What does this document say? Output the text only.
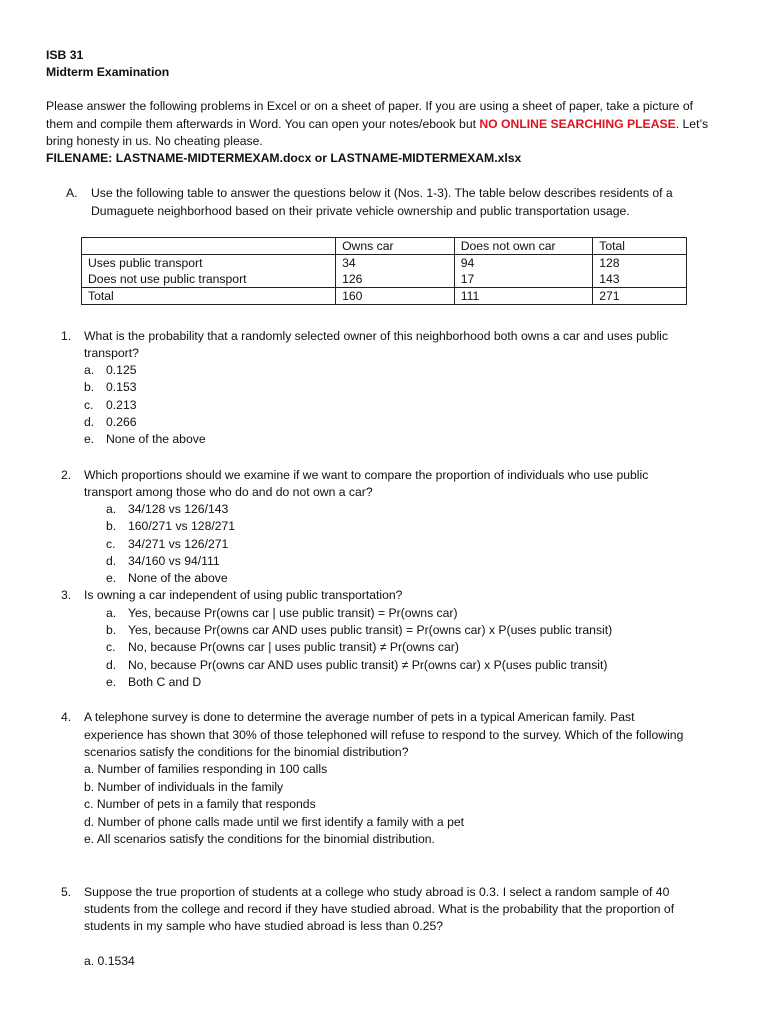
ISB 31
Midterm Examination
Please answer the following problems in Excel or on a sheet of paper. If you are using a sheet of paper, take a picture of
them and compile them afterwards in Word. You can open your notes/ebook but NO ONLINE SEARCHING PLEASE. Let’s
bring honesty in us. No cheating please.
FILENAME: LASTNAME-MIDTERMEXAM.docx or LASTNAME-MIDTERMEXAM.xlsx
A. Use the following table to answer the questions below it (Nos. 1-3). The table below describes residents of a
Dumaguete neighborhood based on their private vehicle ownership and public transportation usage.
	Owns car	Does not own car	Total
Uses public transport	34	94	128
Does not use public transport	126	17	143
Total	160	111	271
1. What is the probability that a randomly selected owner of this neighborhood both owns a car and uses public
transport?
a. 0.125
b. 0.153
c. 0.213
d. 0.266
e. None of the above
2. Which proportions should we examine if we want to compare the proportion of individuals who use public
transport among those who do and do not own a car?
a. 34/128 vs 126/143
b. 160/271 vs 128/271
c. 34/271 vs 126/271
d. 34/160 vs 94/111
e. None of the above
3. Is owning a car independent of using public transportation?
a. Yes, because Pr(owns car | use public transit) = Pr(owns car)
b. Yes, because Pr(owns car AND uses public transit) = Pr(owns car) x P(uses public transit)
c. No, because Pr(owns car | uses public transit) ≠ Pr(owns car)
d. No, because Pr(owns car AND uses public transit) ≠ Pr(owns car) x P(uses public transit)
e. Both C and D
4. A telephone survey is done to determine the average number of pets in a typical American family. Past
experience has shown that 30% of those telephoned will refuse to respond to the survey. Which of the following
scenarios satisfy the conditions for the binomial distribution?
a. Number of families responding in 100 calls
b. Number of individuals in the family
c. Number of pets in a family that responds
d. Number of phone calls made until we first identify a family with a pet
e. All scenarios satisfy the conditions for the binomial distribution.
5. Suppose the true proportion of students at a college who study abroad is 0.3. I select a random sample of 40
students from the college and record if they have studied abroad. What is the probability that the proportion of
students in my sample who have studied abroad is less than 0.25?
a. 0.1534
